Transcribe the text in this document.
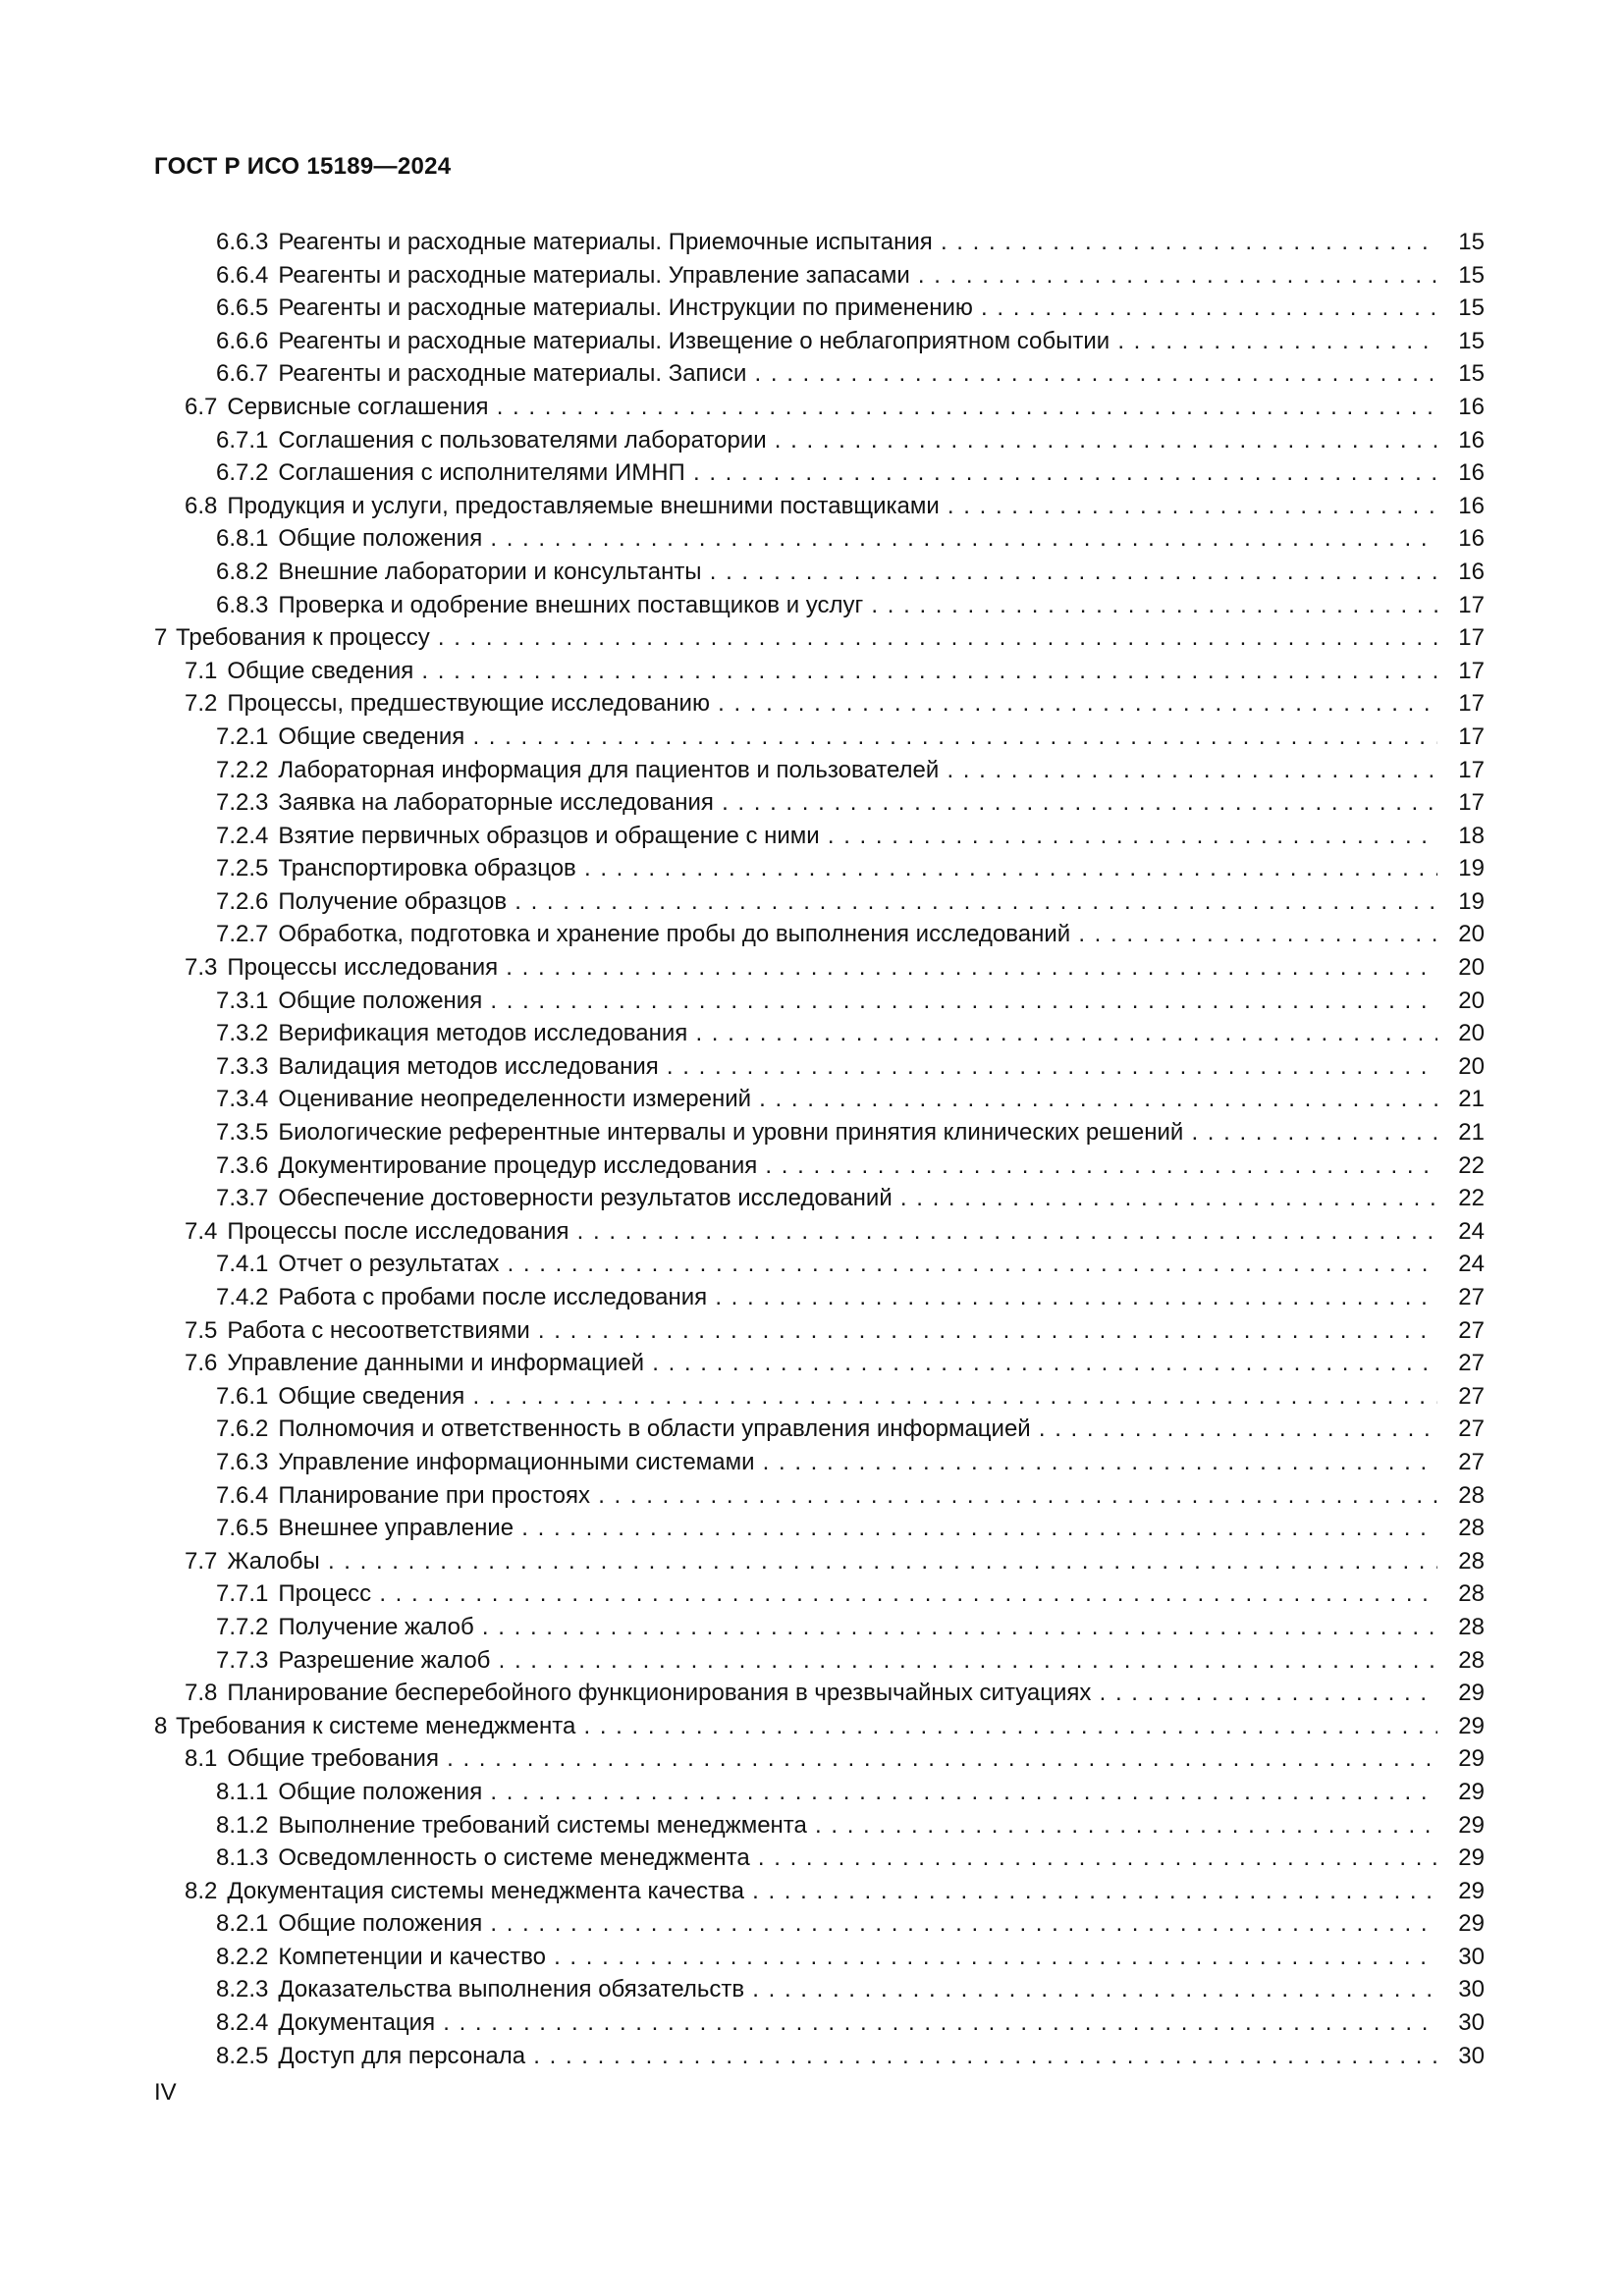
ГОСТ Р ИСО 15189—2024
6.6.3 Реагенты и расходные материалы. Приемочные испытания . . .	15
6.6.4 Реагенты и расходные материалы. Управление запасами . . .	15
6.6.5 Реагенты и расходные материалы. Инструкции по применению . . .	15
6.6.6 Реагенты и расходные материалы. Извещение о неблагоприятном событии . . .	15
6.6.7 Реагенты и расходные материалы. Записи . . .	15
6.7 Сервисные соглашения . . .	16
6.7.1 Соглашения с пользователями лаборатории . . .	16
6.7.2 Соглашения с исполнителями ИМНП . . .	16
6.8 Продукция и услуги, предоставляемые внешними поставщиками . . .	16
6.8.1 Общие положения . . .	16
6.8.2 Внешние лаборатории и консультанты . . .	16
6.8.3 Проверка и одобрение внешних поставщиков и услуг . . .	17
7 Требования к процессу . . .	17
7.1 Общие сведения . . .	17
7.2 Процессы, предшествующие исследованию . . .	17
7.2.1 Общие сведения . . .	17
7.2.2 Лабораторная информация для пациентов и пользователей . . .	17
7.2.3 Заявка на лабораторные исследования . . .	17
7.2.4 Взятие первичных образцов и обращение с ними . . .	18
7.2.5 Транспортировка образцов . . .	19
7.2.6 Получение образцов . . .	19
7.2.7 Обработка, подготовка и хранение пробы до выполнения исследований . . .	20
7.3 Процессы исследования . . .	20
7.3.1 Общие положения . . .	20
7.3.2 Верификация методов исследования . . .	20
7.3.3 Валидация методов исследования . . .	20
7.3.4 Оценивание неопределенности измерений . . .	21
7.3.5 Биологические референтные интервалы и уровни принятия клинических решений . . .	21
7.3.6 Документирование процедур исследования . . .	22
7.3.7 Обеспечение достоверности результатов исследований . . .	22
7.4 Процессы после исследования . . .	24
7.4.1 Отчет о результатах . . .	24
7.4.2 Работа с пробами после исследования . . .	27
7.5 Работа с несоответствиями . . .	27
7.6 Управление данными и информацией . . .	27
7.6.1 Общие сведения . . .	27
7.6.2 Полномочия и ответственность в области управления информацией . . .	27
7.6.3 Управление информационными системами . . .	27
7.6.4 Планирование при простоях . . .	28
7.6.5 Внешнее управление . . .	28
7.7 Жалобы . . .	28
7.7.1 Процесс . . .	28
7.7.2 Получение жалоб . . .	28
7.7.3 Разрешение жалоб . . .	28
7.8 Планирование бесперебойного функционирования в чрезвычайных ситуациях . . .	29
8 Требования к системе менеджмента . . .	29
8.1 Общие требования . . .	29
8.1.1 Общие положения . . .	29
8.1.2 Выполнение требований системы менеджмента . . .	29
8.1.3 Осведомленность о системе менеджмента . . .	29
8.2 Документация системы менеджмента качества . . .	29
8.2.1 Общие положения . . .	29
8.2.2 Компетенции и качество . . .	30
8.2.3 Доказательства выполнения обязательств . . .	30
8.2.4 Документация . . .	30
8.2.5 Доступ для персонала . . .	30
IV
